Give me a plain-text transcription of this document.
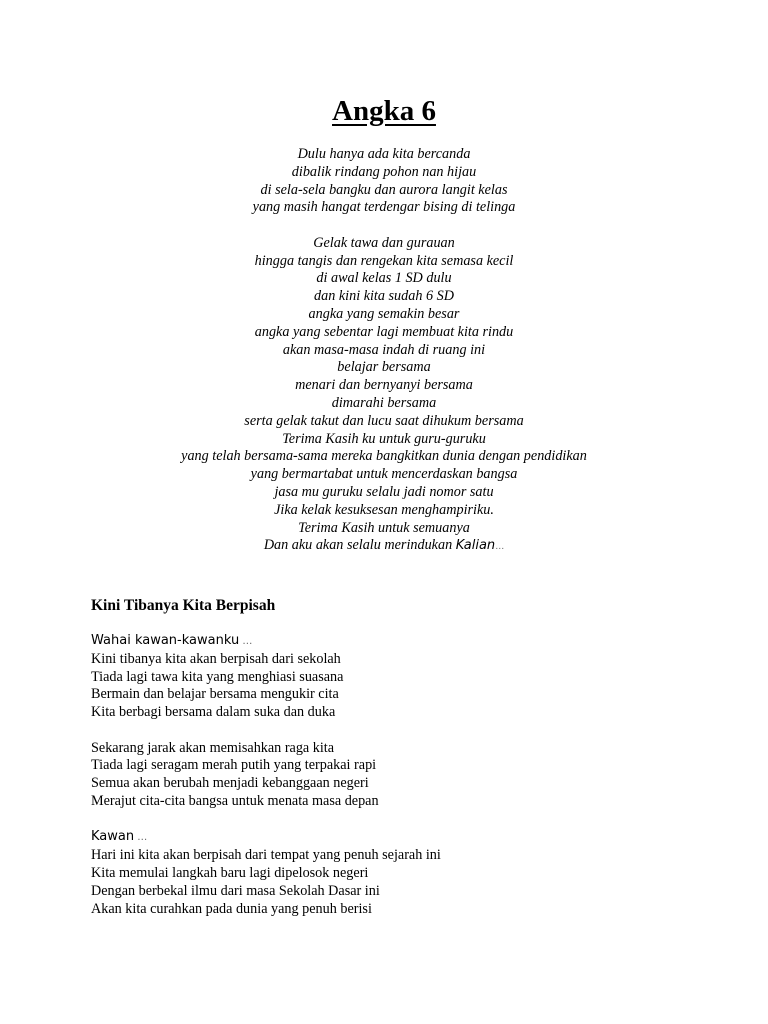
Angka 6
Dulu hanya ada kita bercanda
dibalik rindang pohon nan hijau
di sela-sela bangku dan aurora langit kelas
yang masih hangat terdengar bising di telinga
Gelak tawa dan gurauan
hingga tangis dan rengekan kita semasa kecil
di awal kelas 1 SD dulu
dan kini kita sudah 6 SD
angka yang semakin besar
angka yang sebentar lagi membuat kita rindu
akan masa-masa indah di ruang ini
belajar bersama
menari dan bernyanyi bersama
dimarahi bersama
serta gelak takut dan lucu saat dihukum bersama
Terima Kasih ku untuk guru-guruku
yang telah bersama-sama mereka bangkitkan dunia dengan pendidikan
yang bermartabat untuk mencerdaskan bangsa
jasa mu guruku selalu jadi nomor satu
Jika kelak kesuksesan menghampiriku.
Terima Kasih untuk semuanya
Dan aku akan selalu merindukan Kalian…
Kini Tibanya Kita Berpisah
Wahai kawan-kawanku …
Kini tibanya kita akan berpisah dari sekolah
Tiada lagi tawa kita yang menghiasi suasana
Bermain dan belajar bersama mengukir cita
Kita berbagi bersama dalam suka dan duka
Sekarang jarak akan memisahkan raga kita
Tiada lagi seragam merah putih yang terpakai rapi
Semua akan berubah menjadi kebanggaan negeri
Merajut cita-cita bangsa untuk menata masa depan
Kawan …
Hari ini kita akan berpisah dari tempat yang penuh sejarah ini
Kita memulai langkah baru lagi dipelosok negeri
Dengan berbekal ilmu dari masa Sekolah Dasar ini
Akan kita curahkan pada dunia yang penuh berisi
